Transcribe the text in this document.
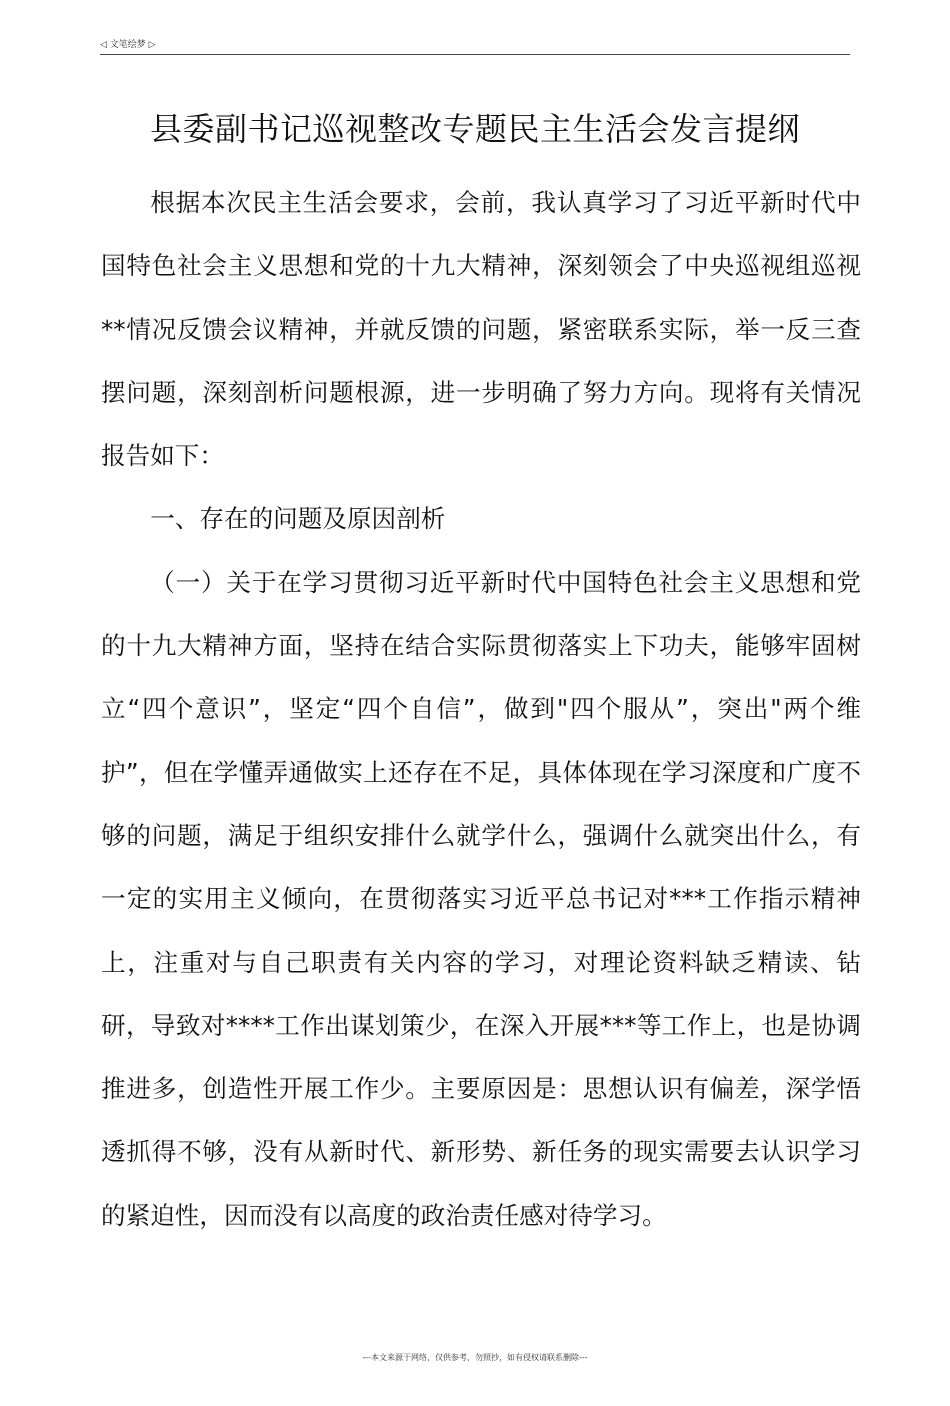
◁ 文笔绘梦 ▷
县委副书记巡视整改专题民主生活会发言提纲

根据本次民主生活会要求，会前，我认真学习了习近平新时代中国特色社会主义思想和党的十九大精神，深刻领会了中央巡视组巡视**情况反馈会议精神，并就反馈的问题，紧密联系实际，举一反三查摆问题，深刻剖析问题根源，进一步明确了努力方向。现将有关情况报告如下：

一、存在的问题及原因剖析

（一）关于在学习贯彻习近平新时代中国特色社会主义思想和党的十九大精神方面，坚持在结合实际贯彻落实上下功夫，能够牢固树立“四个意识”，坚定“四个自信”，做到"四个服从”，突出"两个维护”，但在学懂弄通做实上还存在不足，具体体现在学习深度和广度不够的问题，满足于组织安排什么就学什么，强调什么就突出什么，有一定的实用主义倾向，在贯彻落实习近平总书记对***工作指示精神上，注重对与自己职责有关内容的学习，对理论资料缺乏精读、钻研，导致对****工作出谋划策少，在深入开展***等工作上，也是协调推进多，创造性开展工作少。主要原因是：思想认识有偏差，深学悟透抓得不够，没有从新时代、新形势、新任务的现实需要去认识学习的紧迫性，因而没有以高度的政治责任感对待学习。

---本文来源于网络，仅供参考，勿照抄，如有侵权请联系删除---
